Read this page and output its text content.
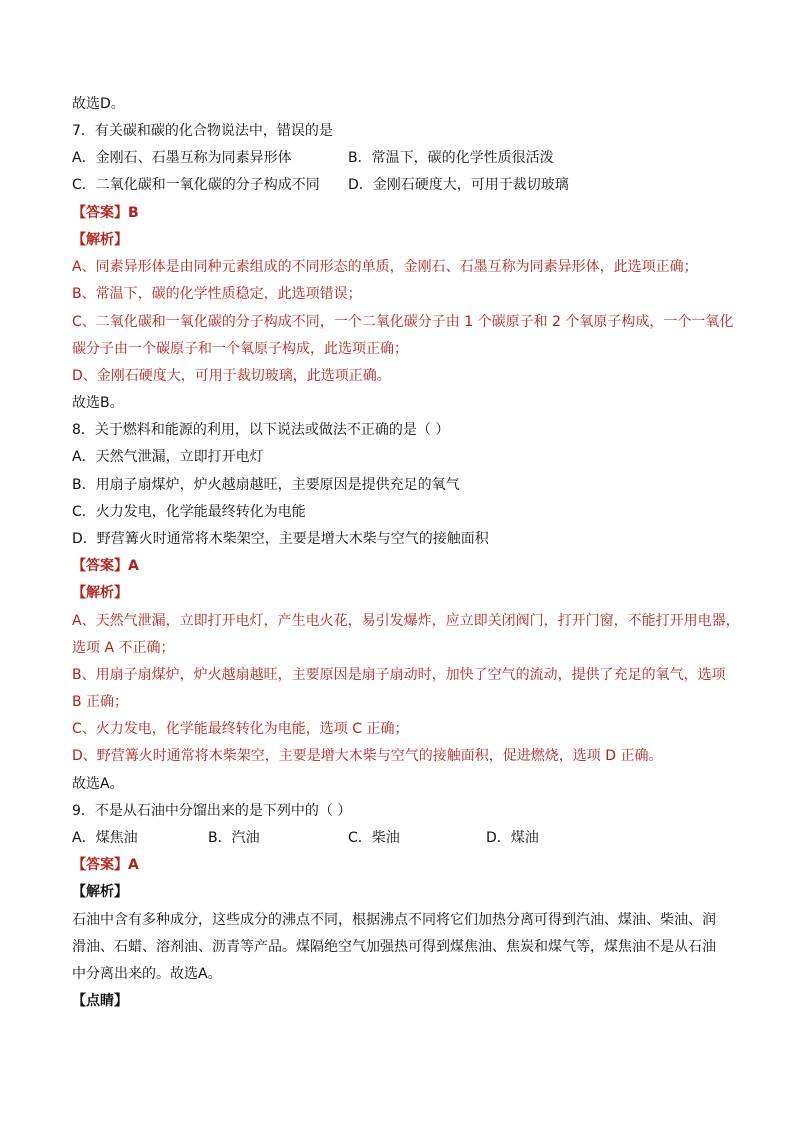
故选D。
7．有关碳和碳的化合物说法中，错误的是
A．金刚石、石墨互称为同素异形体	B．常温下，碳的化学性质很活泼
C．二氧化碳和一氧化碳的分子构成不同 D．金刚石硬度大，可用于裁切玻璃
【答案】B
【解析】
A、同素异形体是由同种元素组成的不同形态的单质，金刚石、石墨互称为同素异形体，此选项正确；
B、常温下，碳的化学性质稳定，此选项错误；
C、二氧化碳和一氧化碳的分子构成不同，一个二氧化碳分子由 1 个碳原子和 2 个氧原子构成，一个一氧化
碳分子由一个碳原子和一个氧原子构成，此选项正确；
D、金刚石硬度大，可用于裁切玻璃，此选项正确。
故选B。
8．关于燃料和能源的利用，以下说法或做法不正确的是（ ）
A．天然气泄漏，立即打开电灯
B．用扇子扇煤炉，炉火越扇越旺，主要原因是提供充足的氧气
C．火力发电，化学能最终转化为电能
D．野营篝火时通常将木柴架空，主要是增大木柴与空气的接触面积
【答案】A
【解析】
A、天然气泄漏，立即打开电灯，产生电火花，易引发爆炸，应立即关闭阀门，打开门窗，不能打开用电器，
选项 A 不正确；
B、用扇子扇煤炉，炉火越扇越旺，主要原因是扇子扇动时，加快了空气的流动，提供了充足的氧气，选项
B 正确；
C、火力发电，化学能最终转化为电能，选项 C 正确；
D、野营篝火时通常将木柴架空，主要是增大木柴与空气的接触面积，促进燃烧，选项 D 正确。
故选A。
9．不是从石油中分馏出来的是下列中的（ ）
A．煤焦油	B．汽油	C．柴油	D．煤油
【答案】A
【解析】
石油中含有多种成分，这些成分的沸点不同，根据沸点不同将它们加热分离可得到汽油、煤油、柴油、润
滑油、石蜡、溶剂油、沥青等产品。煤隔绝空气加强热可得到煤焦油、焦炭和煤气等，煤焦油不是从石油
中分离出来的。故选A。
【点睛】
